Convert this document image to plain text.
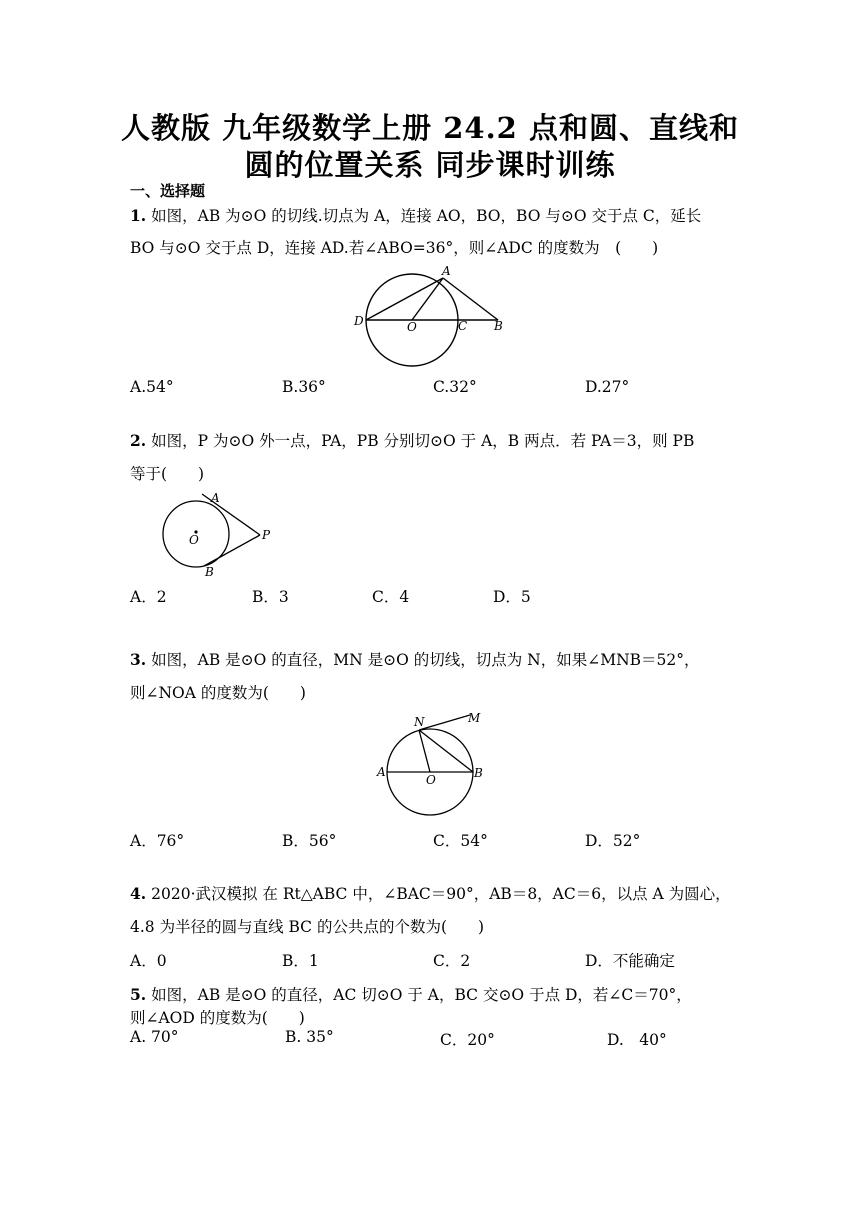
人教版 九年级数学上册 24.2 点和圆、直线和
圆的位置关系 同步课时训练
一、选择题
1. 如图，AB 为⊙O 的切线.切点为 A，连接 AO，BO，BO 与⊙O 交于点 C，延长
BO 与⊙O 交于点 D，连接 AD.若∠ABO=36°，则∠ADC 的度数为　(　　)
A
D	O	C B
A.54°	B.36°	C.32°	D.27°
2. 如图，P 为⊙O 外一点，PA，PB 分别切⊙O 于 A，B 两点．若 PA＝3，则 PB
等于(　　)
A
O	P
B
A．2	B．3	C．4	D．5
3. 如图，AB 是⊙O 的直径，MN 是⊙O 的切线，切点为 N，如果∠MNB＝52°，
则∠NOA 的度数为(　　)
N	M
A
O	B
A．76°	B．56°	C．54°	D．52°
4. 2020·武汉模拟 在 Rt△ABC 中，∠BAC＝90°，AB＝8，AC＝6，以点 A 为圆心，
4.8 为半径的圆与直线 BC 的公共点的个数为(　　)
A．0	B．1	C．2	D．不能确定
5. 如图，AB 是⊙O 的直径，AC 切⊙O 于 A，BC 交⊙O 于点 D，若∠C＝70°，
则∠AOD 的度数为(　　)
A. 70°	B. 35°	C．20°	D.　40°
